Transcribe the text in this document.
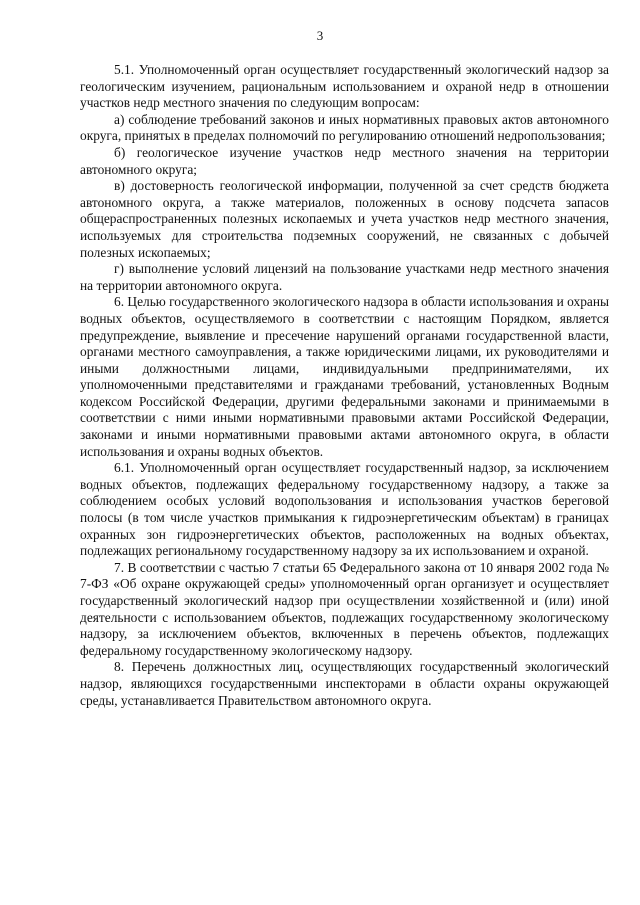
3

5.1. Уполномоченный орган осуществляет государственный экологический надзор за геологическим изучением, рациональным использованием и охраной недр в отношении участков недр местного значения по следующим вопросам:

а) соблюдение требований законов и иных нормативных правовых актов автономного округа, принятых в пределах полномочий по регулированию отношений недропользования;

б) геологическое изучение участков недр местного значения на территории автономного округа;

в) достоверность геологической информации, полученной за счет средств бюджета автономного округа, а также материалов, положенных в основу подсчета запасов общераспространенных полезных ископаемых и учета участков недр местного значения, используемых для строительства подземных сооружений, не связанных с добычей полезных ископаемых;

г) выполнение условий лицензий на пользование участками недр местного значения на территории автономного округа.

6. Целью государственного экологического надзора в области использования и охраны водных объектов, осуществляемого в соответствии с настоящим Порядком, является предупреждение, выявление и пресечение нарушений органами государственной власти, органами местного самоуправления, а также юридическими лицами, их руководителями и иными должностными лицами, индивидуальными предпринимателями, их уполномоченными представителями и гражданами требований, установленных Водным кодексом Российской Федерации, другими федеральными законами и принимаемыми в соответствии с ними иными нормативными правовыми актами Российской Федерации, законами и иными нормативными правовыми актами автономного округа, в области использования и охраны водных объектов.

6.1. Уполномоченный орган осуществляет государственный надзор, за исключением водных объектов, подлежащих федеральному государственному надзору, а также за соблюдением особых условий водопользования и использования участков береговой полосы (в том числе участков примыкания к гидроэнергетическим объектам) в границах охранных зон гидроэнергетических объектов, расположенных на водных объектах, подлежащих региональному государственному надзору за их использованием и охраной.

7. В соответствии с частью 7 статьи 65 Федерального закона от 10 января 2002 года № 7-ФЗ «Об охране окружающей среды» уполномоченный орган организует и осуществляет государственный экологический надзор при осуществлении хозяйственной и (или) иной деятельности с использованием объектов, подлежащих государственному экологическому надзору, за исключением объектов, включенных в перечень объектов, подлежащих федеральному государственному экологическому надзору.

8. Перечень должностных лиц, осуществляющих государственный экологический надзор, являющихся государственными инспекторами в области охраны окружающей среды, устанавливается Правительством автономного округа.
